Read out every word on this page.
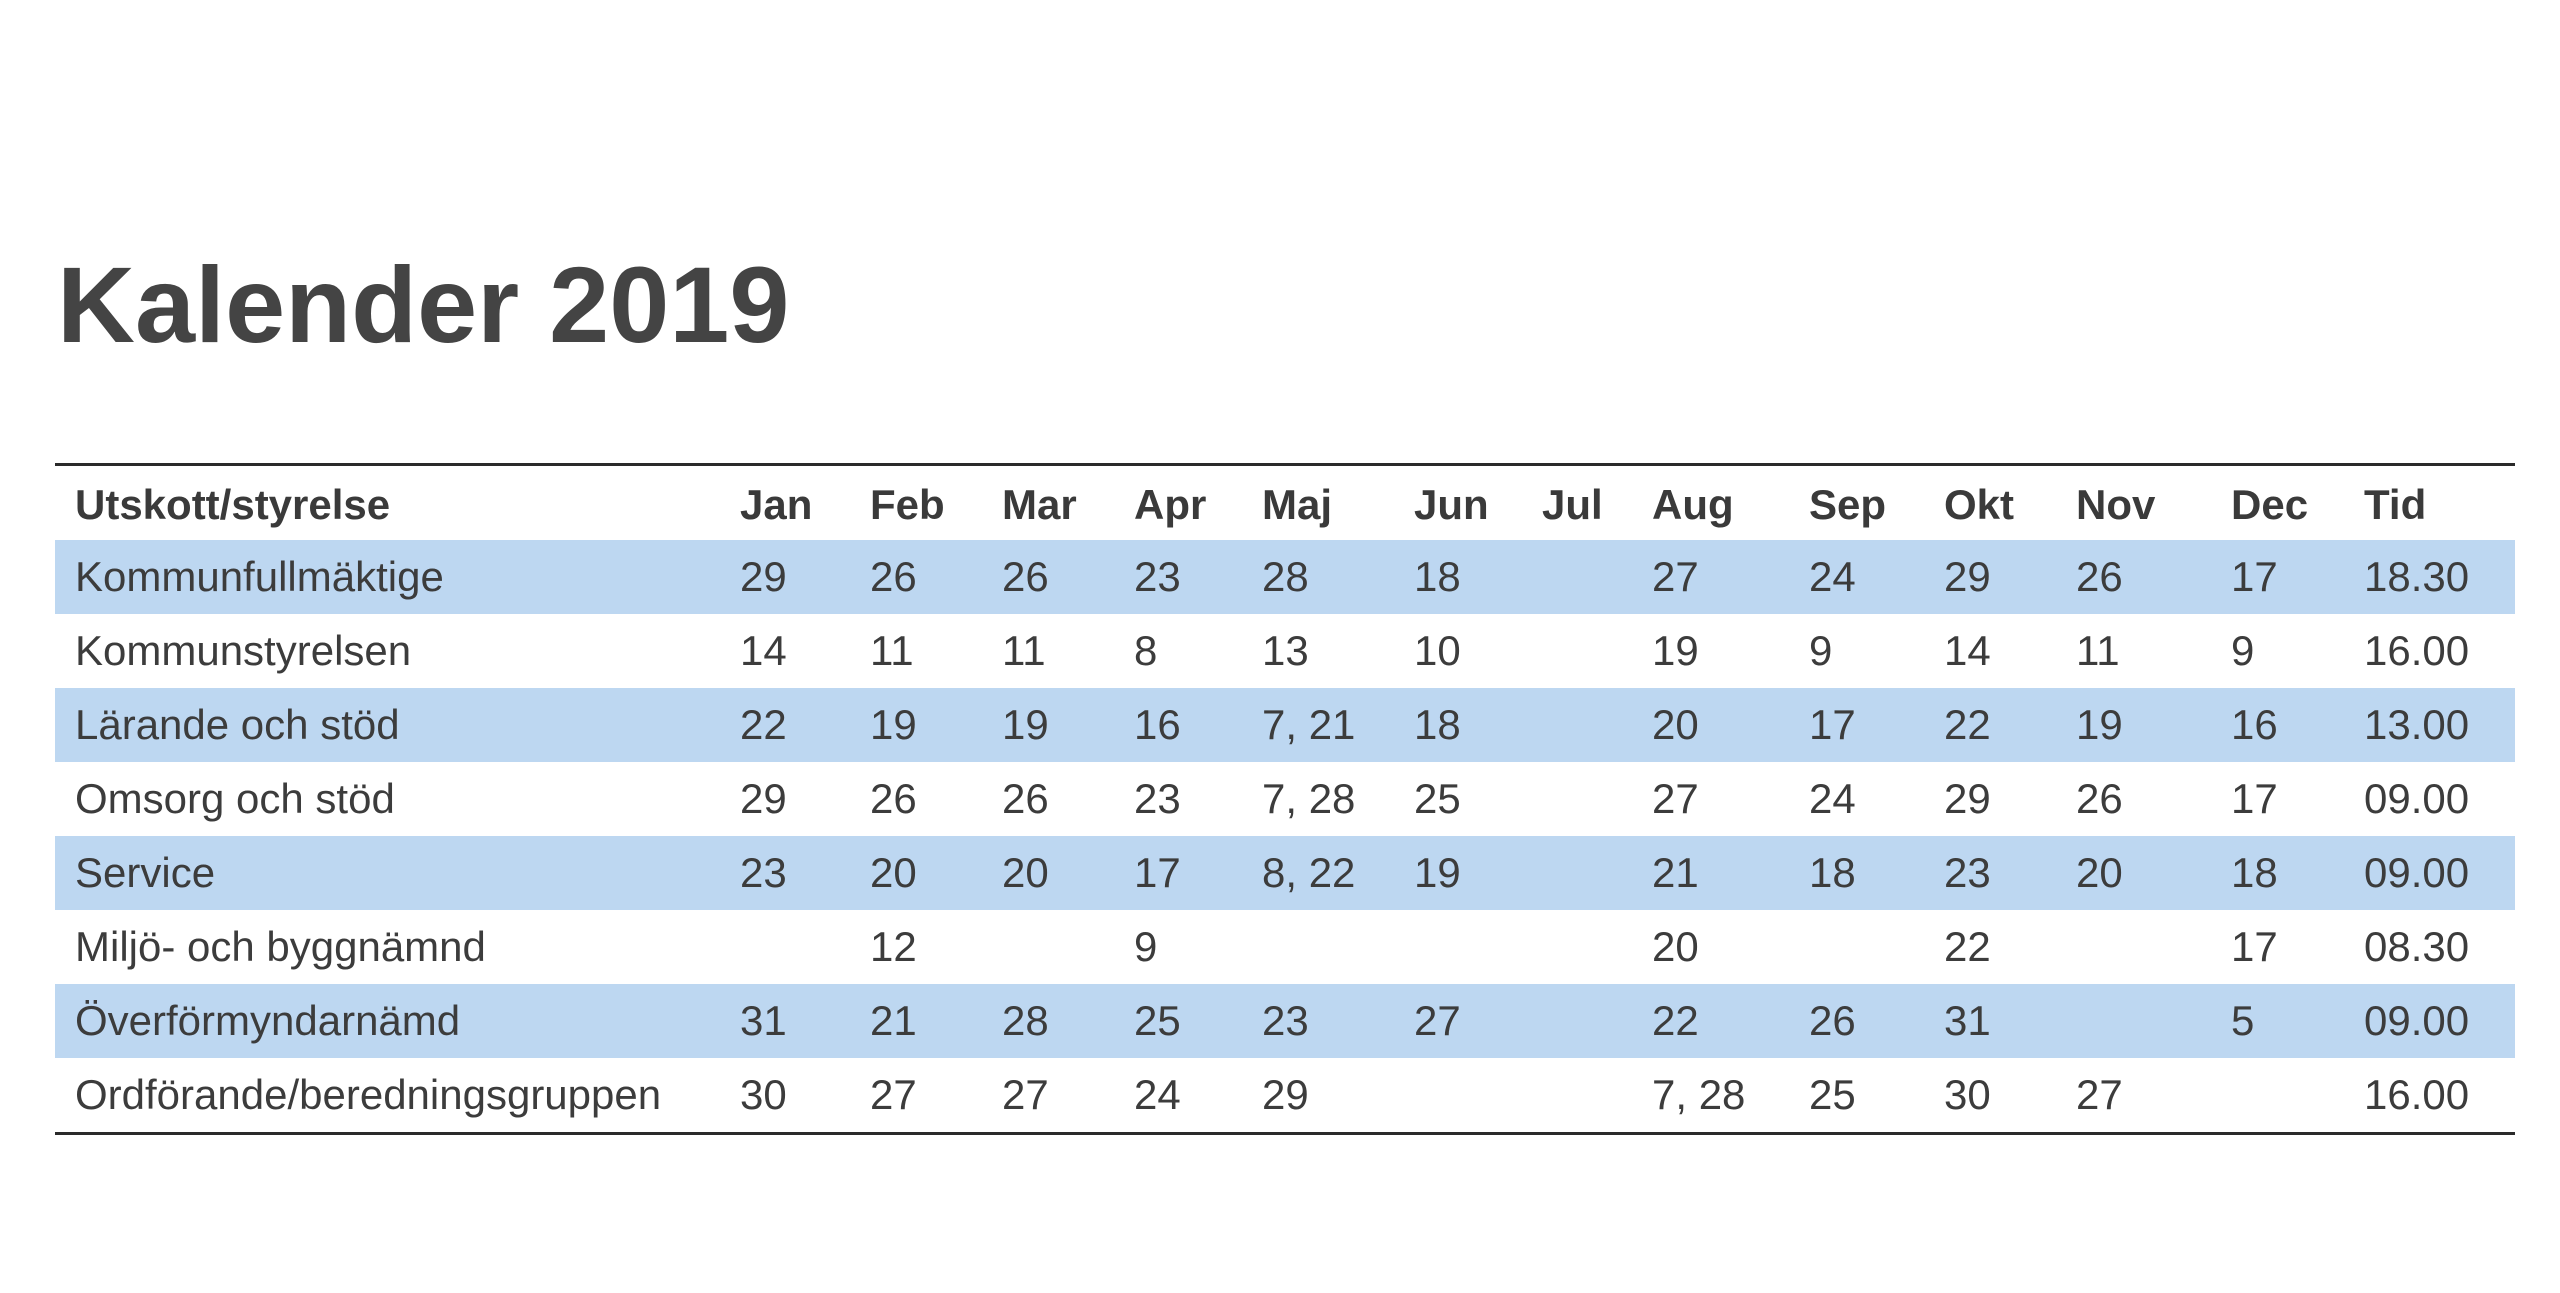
Kalender 2019
Utskott/styrelse	Jan	Feb	Mar	Apr	Maj	Jun	Jul	Aug	Sep	Okt	Nov	Dec	Tid
Kommunfullmäktige	29	26	26	23	28	18		27	24	29	26	17	18.30
Kommunstyrelsen	14	11	11	8	13	10		19	9	14	11	9	16.00
Lärande och stöd	22	19	19	16	7, 21	18		20	17	22	19	16	13.00
Omsorg och stöd	29	26	26	23	7, 28	25		27	24	29	26	17	09.00
Service	23	20	20	17	8, 22	19		21	18	23	20	18	09.00
Miljö- och byggnämnd		12		9				20		22		17	08.30
Överförmyndarnämd	31	21	28	25	23	27		22	26	31		5	09.00
Ordförande/beredningsgruppen	30	27	27	24	29			7, 28	25	30	27		16.00
